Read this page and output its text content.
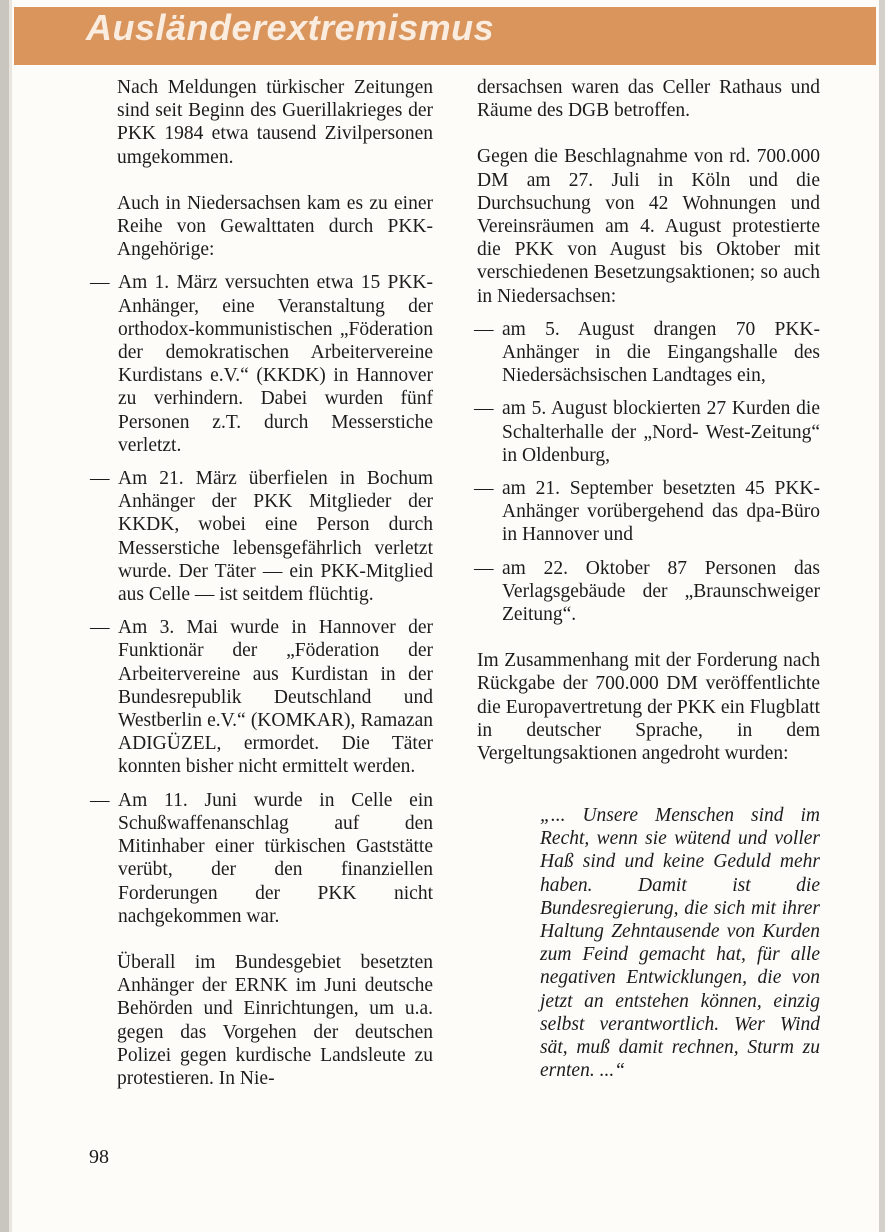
Ausländerextremismus

Nach Meldungen türkischer Zeitungen sind seit Beginn des Guerillakrieges der PKK 1984 etwa tausend Zivilpersonen umgekommen.

Auch in Niedersachsen kam es zu einer Reihe von Gewalttaten durch PKK-Angehörige:

— Am 1. März versuchten etwa 15 PKK-Anhänger, eine Veranstaltung der orthodox-kommunistischen „Föderation der demokratischen Arbeitervereine Kurdistans e.V.“ (KKDK) in Hannover zu verhindern. Dabei wurden fünf Personen z.T. durch Messerstiche verletzt.
— Am 21. März überfielen in Bochum Anhänger der PKK Mitglieder der KKDK, wobei eine Person durch Messerstiche lebensgefährlich verletzt wurde. Der Täter — ein PKK-Mitglied aus Celle — ist seitdem flüchtig.
— Am 3. Mai wurde in Hannover der Funktionär der „Föderation der Arbeitervereine aus Kurdistan in der Bundesrepublik Deutschland und Westberlin e.V.“ (KOMKAR), Ramazan ADIGÜZEL, ermordet. Die Täter konnten bisher nicht ermittelt werden.
— Am 11. Juni wurde in Celle ein Schußwaffenanschlag auf den Mitinhaber einer türkischen Gaststätte verübt, der den finanziellen Forderungen der PKK nicht nachgekommen war.

Überall im Bundesgebiet besetzten Anhänger der ERNK im Juni deutsche Behörden und Einrichtungen, um u.a. gegen das Vorgehen der deutschen Polizei gegen kurdische Landsleute zu protestieren. In Nie-

dersachsen waren das Celler Rathaus und Räume des DGB betroffen.

Gegen die Beschlagnahme von rd. 700.000 DM am 27. Juli in Köln und die Durchsuchung von 42 Wohnungen und Vereinsräumen am 4. August protestierte die PKK von August bis Oktober mit verschiedenen Besetzungsaktionen; so auch in Niedersachsen:

— am 5. August drangen 70 PKK-Anhänger in die Eingangshalle des Niedersächsischen Landtages ein,
— am 5. August blockierten 27 Kurden die Schalterhalle der „Nord- West-Zeitung“ in Oldenburg,
— am 21. September besetzten 45 PKK-Anhänger vorübergehend das dpa-Büro in Hannover und
— am 22. Oktober 87 Personen das Verlagsgebäude der „Braunschweiger Zeitung“.

Im Zusammenhang mit der Forderung nach Rückgabe der 700.000 DM veröffentlichte die Europavertretung der PKK ein Flugblatt in deutscher Sprache, in dem Vergeltungsaktionen angedroht wurden:

„... Unsere Menschen sind im Recht, wenn sie wütend und voller Haß sind und keine Geduld mehr haben. Damit ist die Bundesregierung, die sich mit ihrer Haltung Zehntausende von Kurden zum Feind gemacht hat, für alle negativen Entwicklungen, die von jetzt an entstehen können, einzig selbst verantwortlich. Wer Wind sät, muß damit rechnen, Sturm zu ernten. ...“
98
